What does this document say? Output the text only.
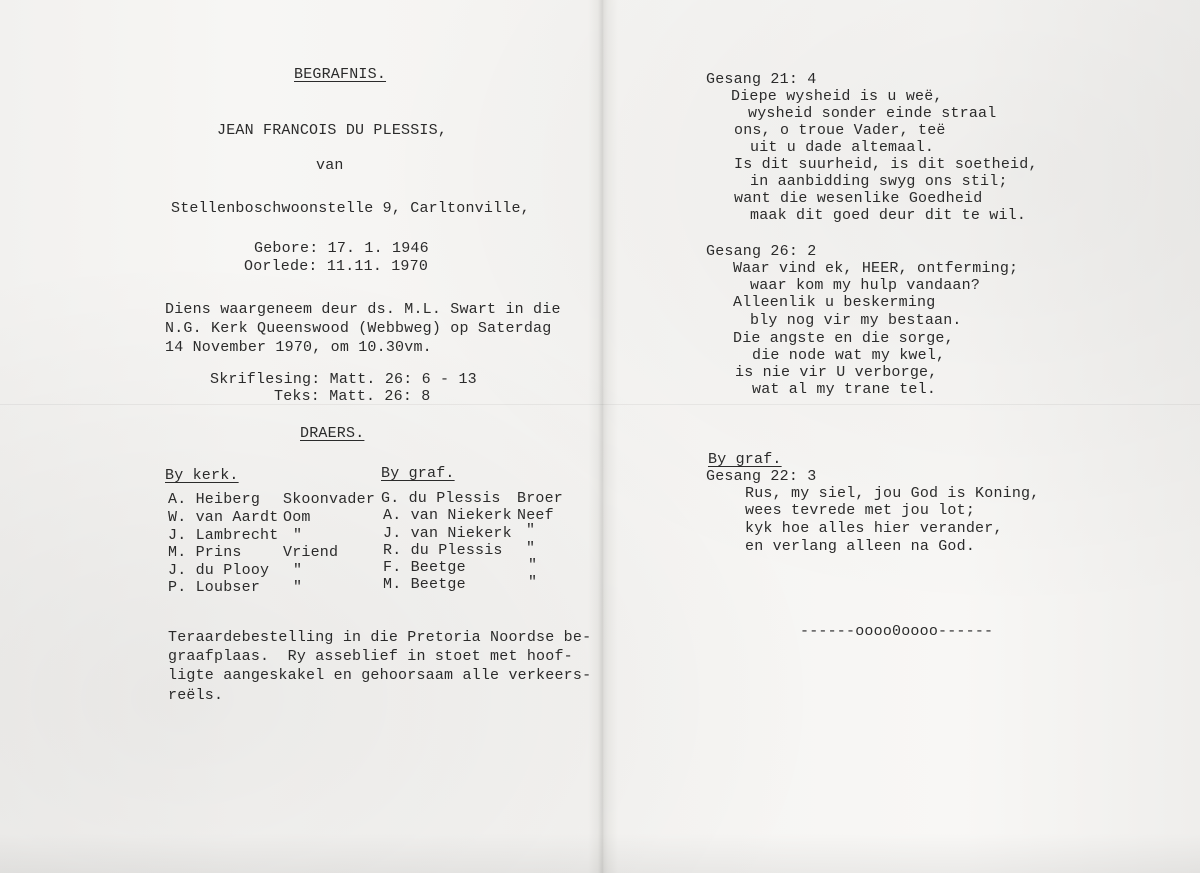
BEGRAFNIS.
JEAN FRANCOIS DU PLESSIS,
van
Stellenboschwoonstelle 9, Carltonville,
Gebore: 17. 1. 1946
Oorlede: 11.11. 1970
Diens waargeneem deur ds. M.L. Swart in die
N.G. Kerk Queenswood (Webbweg) op Saterdag
14 November 1970, om 10.30vm.
Skriflesing: Matt. 26: 6 - 13
Teks: Matt. 26: 8
DRAERS.
By kerk.	By graf.
A. Heiberg Skoonvader
W. van Aardt Oom
J. Lambrecht "
M. Prins	Vriend
J. du Plooy "
P. Loubser "
G. du Plessis Broer
A. van Niekerk Neef
J. van Niekerk "
R. du Plessis "
F. Beetge	"
M. Beetge	"
Teraardebestelling in die Pretoria Noordse be-
graafplaas.  Ry asseblief in stoet met hoof-
ligte aangeskakel en gehoorsaam alle verkeers-
reëls.
Gesang 21: 4
Diepe wysheid is u weë,
wysheid sonder einde straal
ons, o troue Vader, teë
uit u dade altemaal.
Is dit suurheid, is dit soetheid,
in aanbidding swyg ons stil;
want die wesenlike Goedheid
maak dit goed deur dit te wil.
Gesang 26: 2
Waar vind ek, HEER, ontferming;
waar kom my hulp vandaan?
Alleenlik u beskerming
bly nog vir my bestaan.
Die angste en die sorge,
die node wat my kwel,
is nie vir U verborge,
wat al my trane tel.
By graf.
Gesang 22: 3
Rus, my siel, jou God is Koning,
wees tevrede met jou lot;
kyk hoe alles hier verander,
en verlang alleen na God.
------oooo0oooo------
